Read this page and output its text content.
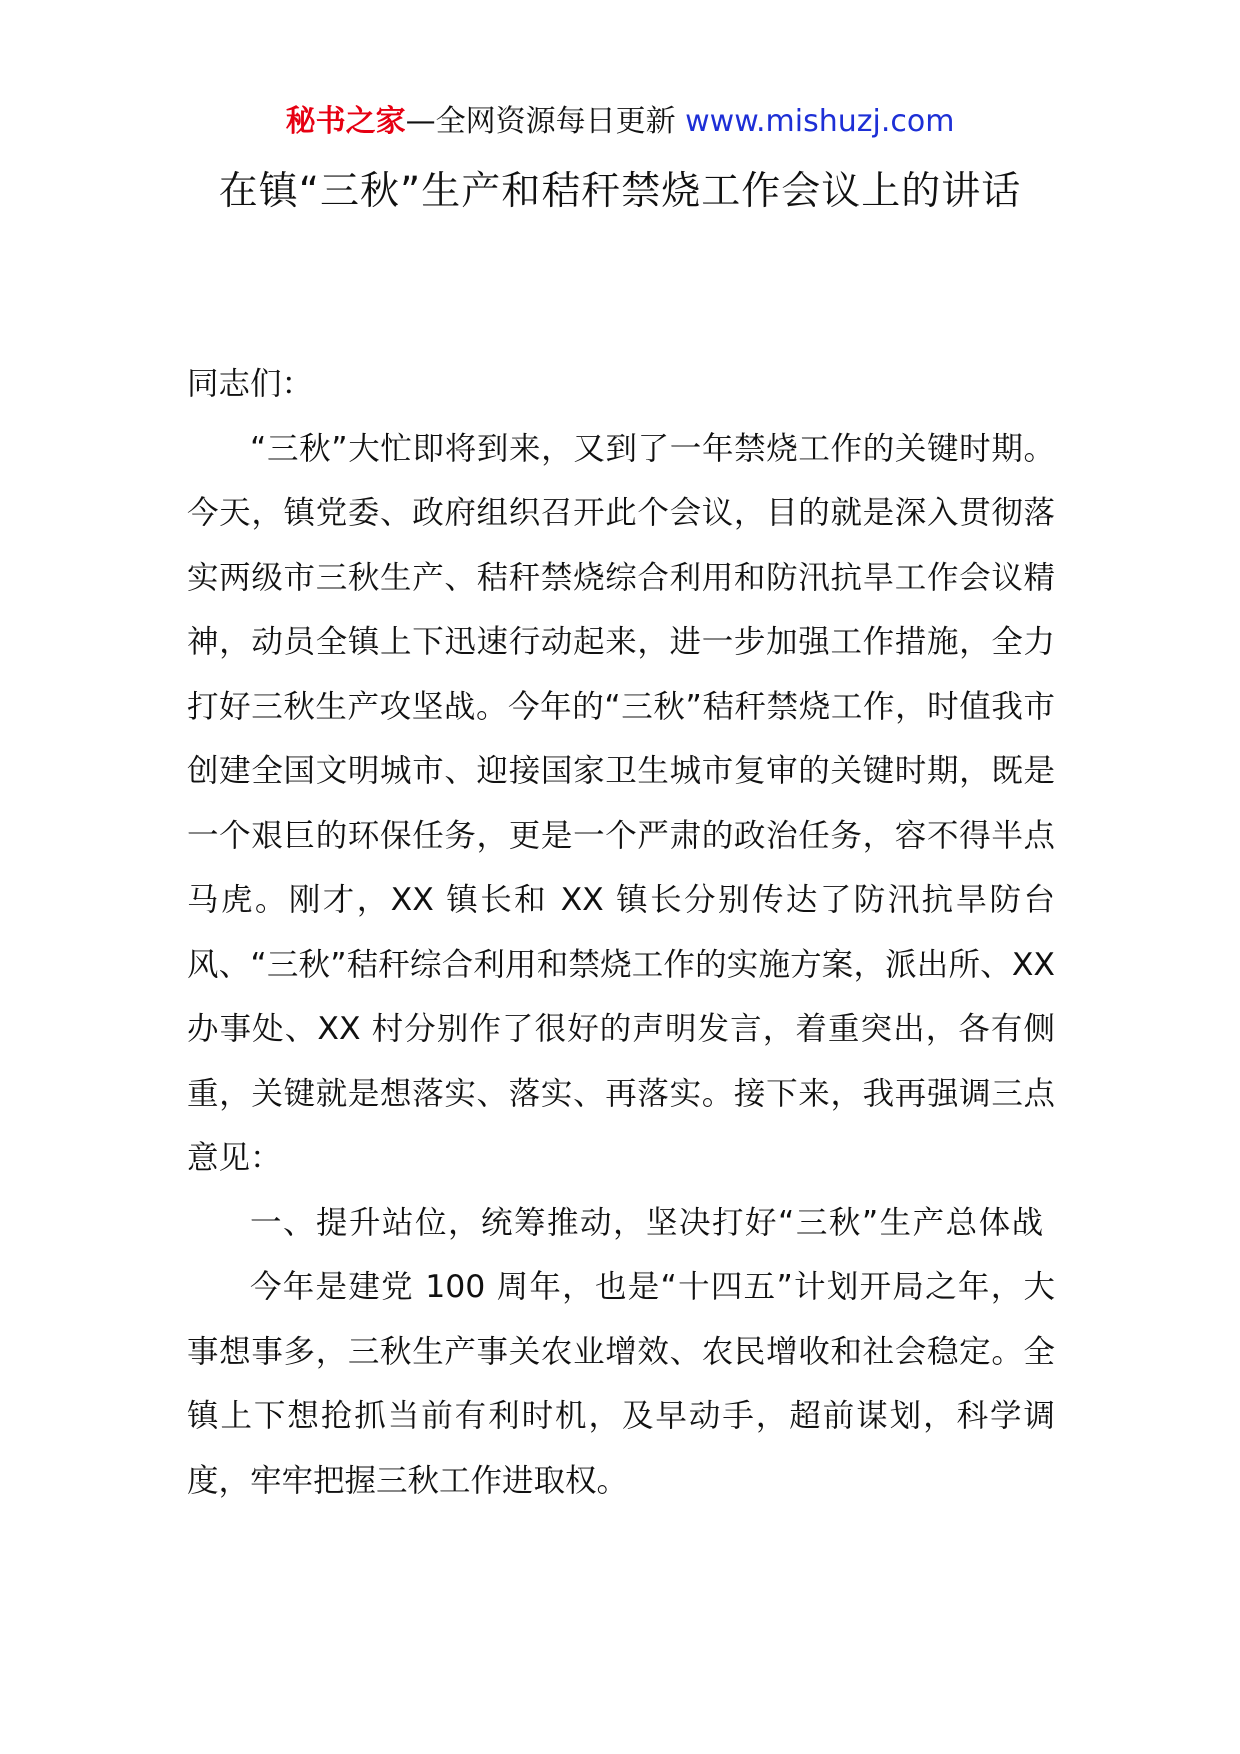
秘书之家—全网资源每日更新 www.mishuzj.com
在镇“三秋”生产和秸秆禁烧工作会议上的讲话

同志们：

“三秋”大忙即将到来，又到了一年禁烧工作的关键时期。今天，镇党委、政府组织召开此个会议，目的就是深入贯彻落实两级市三秋生产、秸秆禁烧综合利用和防汛抗旱工作会议精神，动员全镇上下迅速行动起来，进一步加强工作措施，全力打好三秋生产攻坚战。今年的“三秋”秸秆禁烧工作，时值我市创建全国文明城市、迎接国家卫生城市复审的关键时期，既是一个艰巨的环保任务，更是一个严肃的政治任务，容不得半点马虎。刚才，XX 镇长和 XX 镇长分别传达了防汛抗旱防台风、“三秋”秸秆综合利用和禁烧工作的实施方案，派出所、XX 办事处、XX 村分别作了很好的声明发言，着重突出，各有侧重，关键就是想落实、落实、再落实。接下来，我再强调三点意见：

一、提升站位，统筹推动，坚决打好“三秋”生产总体战

今年是建党 100 周年，也是“十四五”计划开局之年，大事想事多，三秋生产事关农业增效、农民增收和社会稳定。全镇上下想抢抓当前有利时机，及早动手，超前谋划，科学调度，牢牢把握三秋工作进取权。
